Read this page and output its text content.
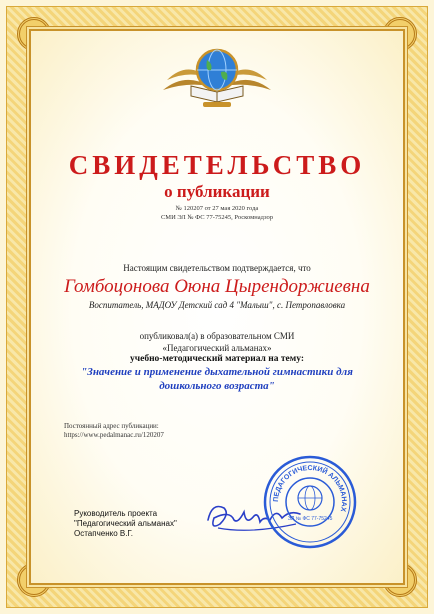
СВИДЕТЕЛЬСТВО
о публикации
№ 120207 от 27 мая 2020 года
СМИ ЭЛ № ФС 77-75245, Роскомнадзор
Настоящим свидетельством подтверждается, что
Гомбоцонова Оюна Цырендоржиевна
Воспитатель, МАДОУ Детский сад 4 "Малыш", с. Петропавловка
опубликовал(а) в образовательном СМИ
«Педагогический альманах»
учебно-методический материал на тему:
"Значение и применение дыхательной гимнастики для дошкольного возраста"
Постоянный адрес публикации:
https://www.pedalmanac.ru/120207
Руководитель проекта
"Педагогический альманах"
Остапченко В.Г.
ПЕДАГОГИЧЕСКИЙ АЛЬМАНАХ
ЭЛ № ФС 77-75245
